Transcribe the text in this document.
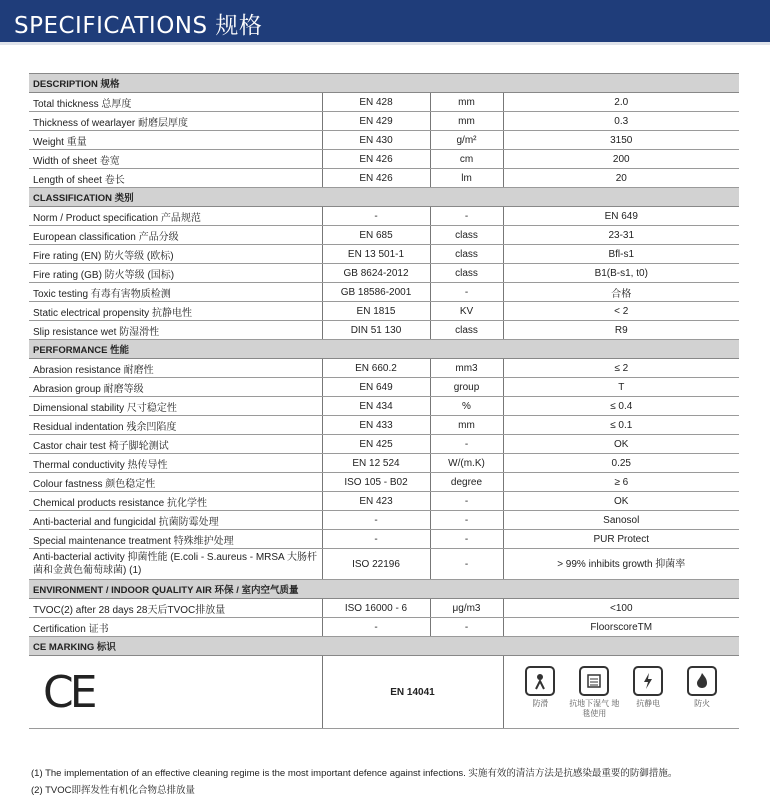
SPECIFICATIONS 规格
DESCRIPTION 规格			
Total thickness 总厚度	EN 428	mm	2.0
Thickness of wearlayer 耐磨层厚度	EN 429	mm	0.3
Weight 重量	EN 430	g/m²	3150
Width of sheet 卷宽	EN 426	cm	200
Length of sheet 卷长	EN 426	lm	20
CLASSIFICATION 类别			
Norm / Product specification 产品规范	-	-	EN 649
European classification 产品分级	EN 685	class	23-31
Fire rating (EN) 防火等级 (欧标)	EN 13 501-1	class	Bfl-s1
Fire rating (GB) 防火等级 (国标)	GB 8624-2012	class	B1(B-s1, t0)
Toxic testing 有毒有害物质检测	GB 18586-2001	-	合格
Static electrical propensity 抗静电性	EN 1815	KV	< 2
Slip resistance wet 防湿滑性	DIN 51 130	class	R9
PERFORMANCE 性能			
Abrasion resistance 耐磨性	EN 660.2	mm3	≤ 2
Abrasion group 耐磨等级	EN 649	group	T
Dimensional stability 尺寸稳定性	EN 434	%	≤ 0.4
Residual indentation 残余凹陷度	EN 433	mm	≤ 0.1
Castor chair test 椅子脚轮测试	EN 425	-	OK
Thermal conductivity 热传导性	EN 12 524	W/(m.K)	0.25
Colour fastness 颜色稳定性	ISO 105 - B02	degree	≥ 6
Chemical products resistance 抗化学性	EN 423	-	OK
Anti-bacterial and fungicidal 抗菌防霉处理	-	-	Sanosol
Special maintenance treatment 特殊维护处理	-	-	PUR Protect
Anti-bacterial activity 抑菌性能 (E.coli - S.aureus - MRSA 大肠杆菌和金黄色葡萄球菌) (1)	ISO 22196	-	> 99% inhibits growth 抑菌率
ENVIRONMENT / INDOOR QUALITY AIR 环保 / 室内空气质量			
TVOC(2) after 28 days 28天后TVOC排放量	ISO 16000 - 6	μg/m3	<100
Certification 证书	-	-	FloorscoreTM
CE MARKING 标识			
CE	EN 14041		防滑 抗地下湿气 地毯使用
抗静电 防火
(1) The implementation of an effective cleaning regime is the most important defence against infections. 实施有效的清洁方法是抗感染最重要的防御措施。
(2) TVOC即挥发性有机化合物总排放量
